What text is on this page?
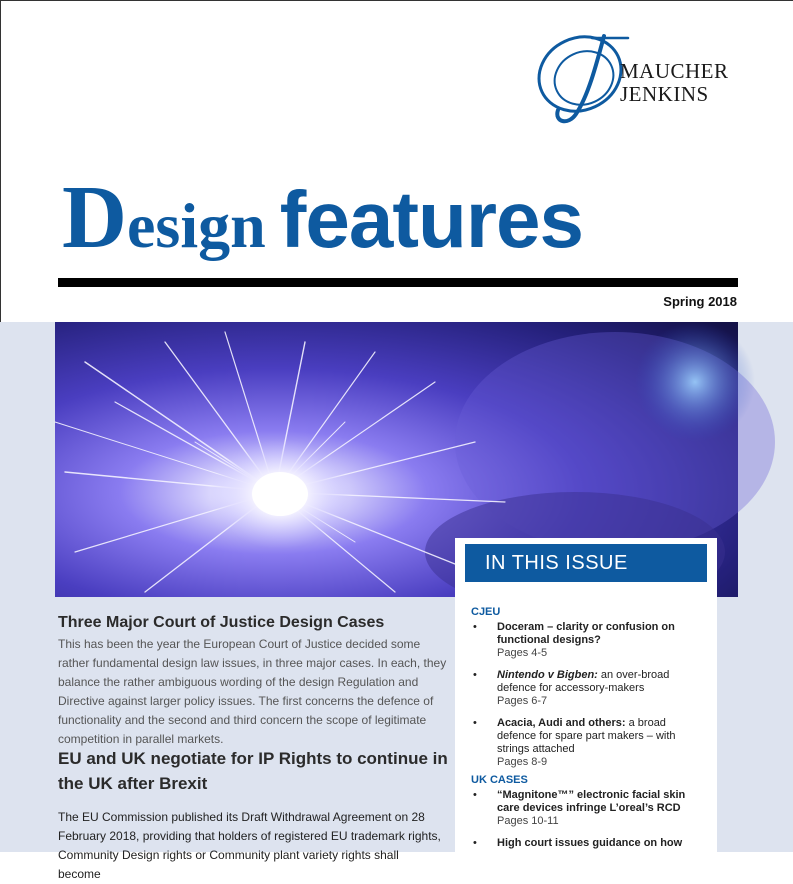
MAUCHER
JENKINS
Design features
Spring 2018
Three Major Court of Justice Design Cases
This has been the year the European Court of Justice decided some rather fundamental design law issues, in three major cases. In each, they balance the rather ambiguous wording of the design Regulation and Directive against larger policy issues. The first concerns the defence of functionality and the second and third concern the scope of legitimate competition in parallel markets.
EU and UK negotiate for IP Rights to continue in the UK after Brexit
The EU Commission published its Draft Withdrawal Agreement on 28 February 2018, providing that holders of registered EU trademark rights, Community Design rights or Community plant variety rights shall become
IN THIS ISSUE
CJEU
• Doceram – clarity or confusion on functional designs?
Pages 4-5
• Nintendo v Bigben: an over-broad defence for accessory-makers
Pages 6-7
• Acacia, Audi and others: a broad defence for spare part makers – with strings attached
Pages 8-9
UK CASES
• “Magnitone™” electronic facial skin care devices infringe L’oreal’s RCD
Pages 10-11
• High court issues guidance on how
